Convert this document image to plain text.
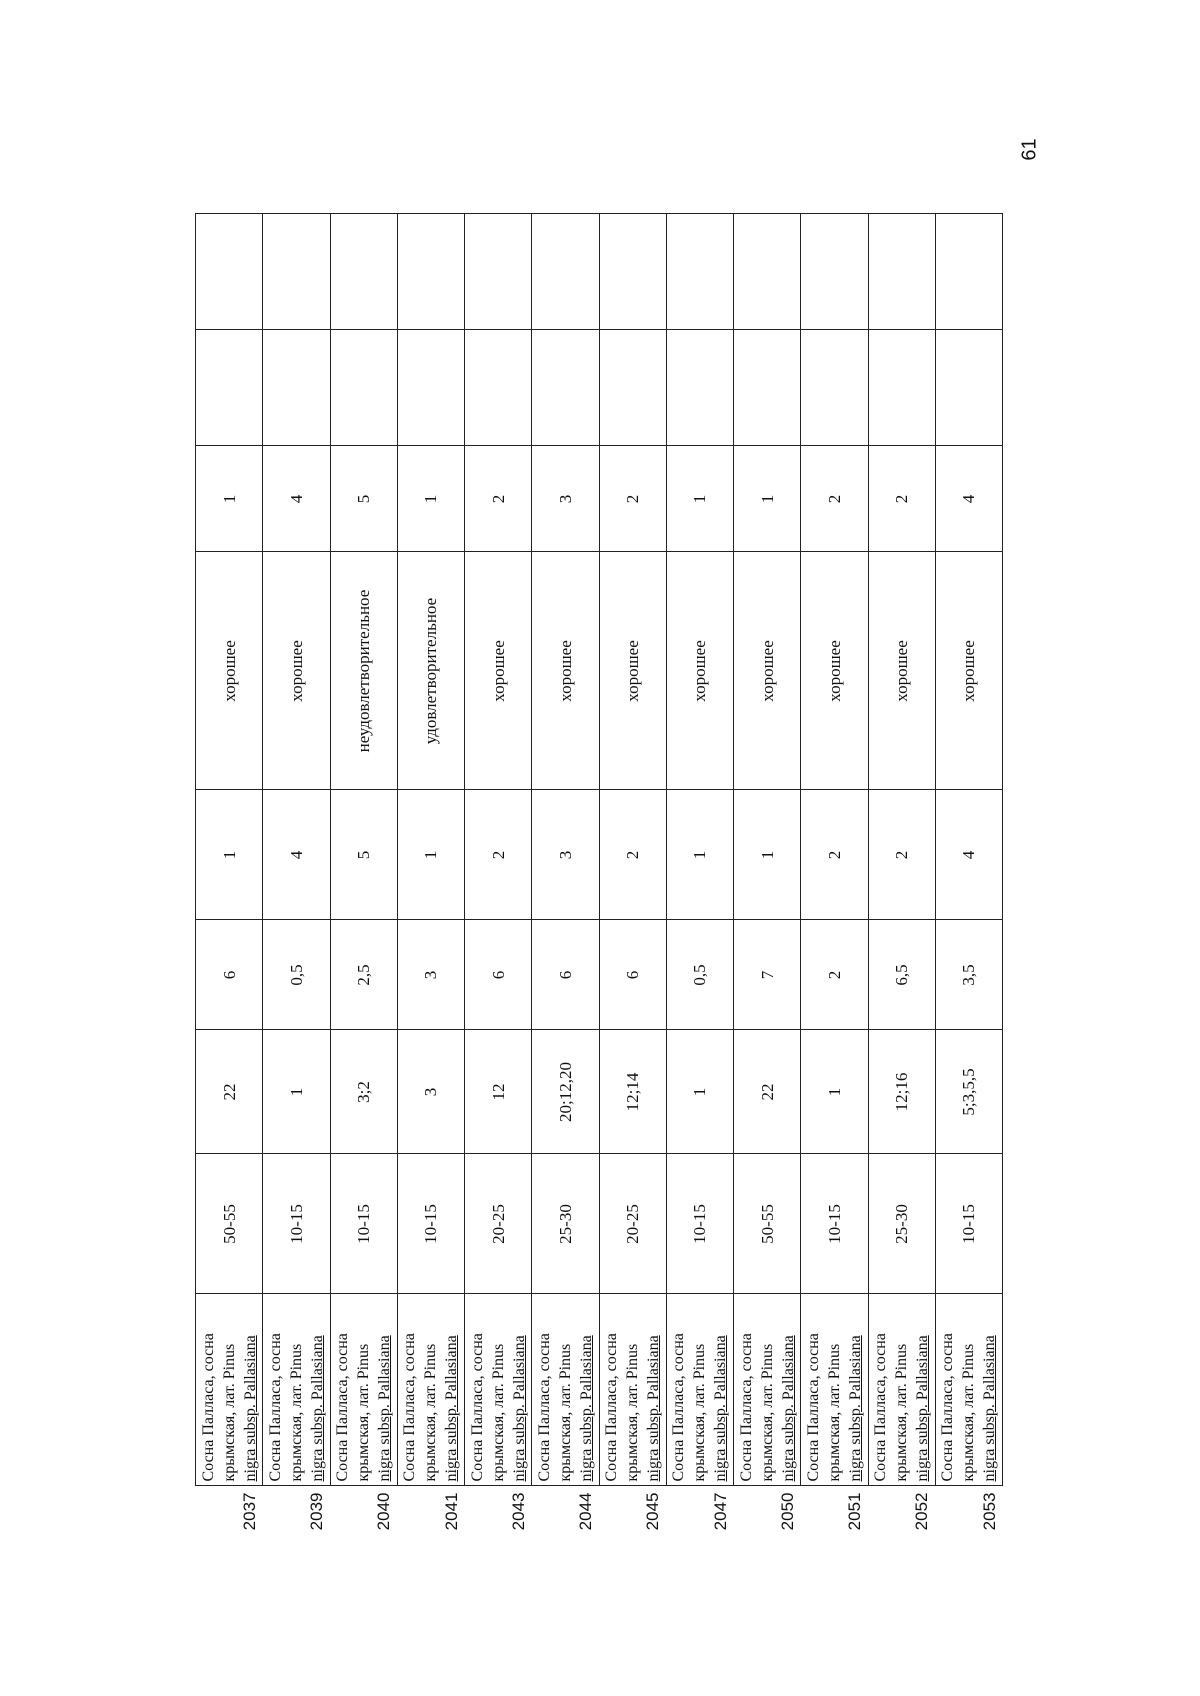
61
2037	Сосна Палласа, сосна крымская, лат. Pinus nigra subsp. Pallasiana	50-55	22	6	1	хорошее	1		
2039	Сосна Палласа, сосна крымская, лат. Pinus nigra subsp. Pallasiana	10-15	1	0,5	4	хорошее	4		
2040	Сосна Палласа, сосна крымская, лат. Pinus nigra subsp. Pallasiana	10-15	3;2	2,5	5	неудовлетворительное	5		
2041	Сосна Палласа, сосна крымская, лат. Pinus nigra subsp. Pallasiana	10-15	3	3	1	удовлетворительное	1		
2043	Сосна Палласа, сосна крымская, лат. Pinus nigra subsp. Pallasiana	20-25	12	6	2	хорошее	2		
2044	Сосна Палласа, сосна крымская, лат. Pinus nigra subsp. Pallasiana	25-30	20;12,20	6	3	хорошее	3		
2045	Сосна Палласа, сосна крымская, лат. Pinus nigra subsp. Pallasiana	20-25	12;14	6	2	хорошее	2		
2047	Сосна Палласа, сосна крымская, лат. Pinus nigra subsp. Pallasiana	10-15	1	0,5	1	хорошее	1		
2050	Сосна Палласа, сосна крымская, лат. Pinus nigra subsp. Pallasiana	50-55	22	7	1	хорошее	1		
2051	Сосна Палласа, сосна крымская, лат. Pinus nigra subsp. Pallasiana	10-15	1	2	2	хорошее	2		
2052	Сосна Палласа, сосна крымская, лат. Pinus nigra subsp. Pallasiana	25-30	12;16	6,5	2	хорошее	2		
2053	Сосна Палласа, сосна крымская, лат. Pinus nigra subsp. Pallasiana	10-15	5;3,5,5	3,5	4	хорошее	4		
